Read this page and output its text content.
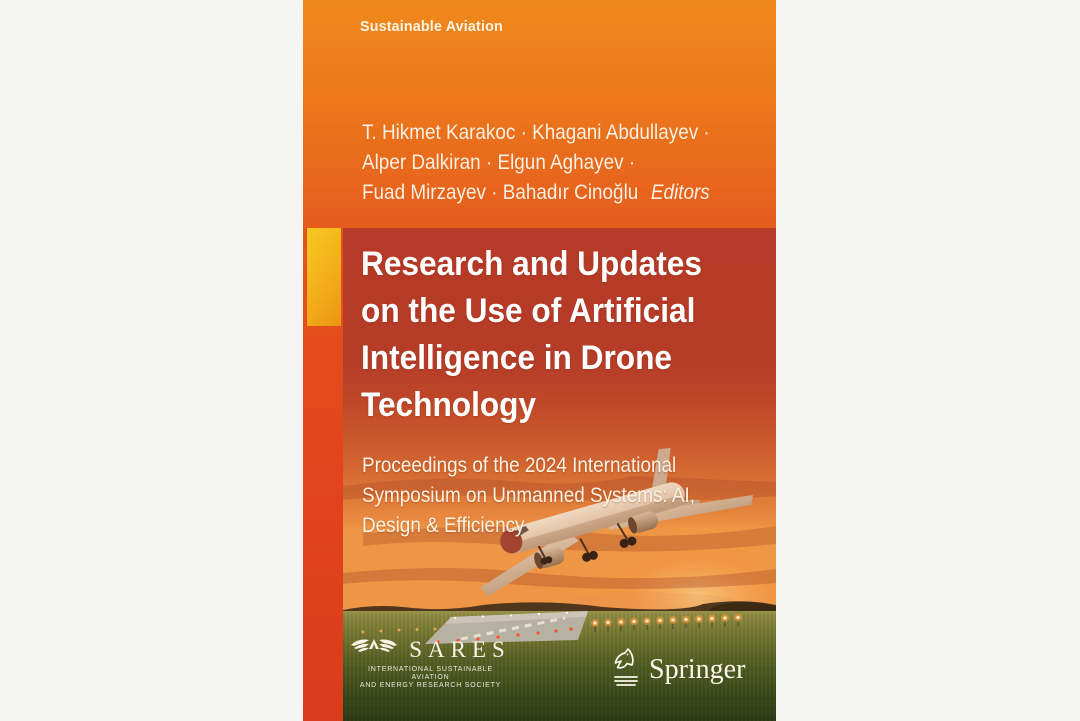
Sustainable Aviation
T. Hikmet Karakoc · Khagani Abdullayev ·
Alper Dalkiran · Elgun Aghayev ·
Fuad Mirzayev · Bahadır Cinoğlu Editors
Research and Updates
on the Use of Artificial
Intelligence in Drone
Technology
Proceedings of the 2024 International
Symposium on Unmanned Systems: AI,
Design & Efficiency
SARES
INTERNATIONAL SUSTAINABLE AVIATION
AND ENERGY RESEARCH SOCIETY
Springer
